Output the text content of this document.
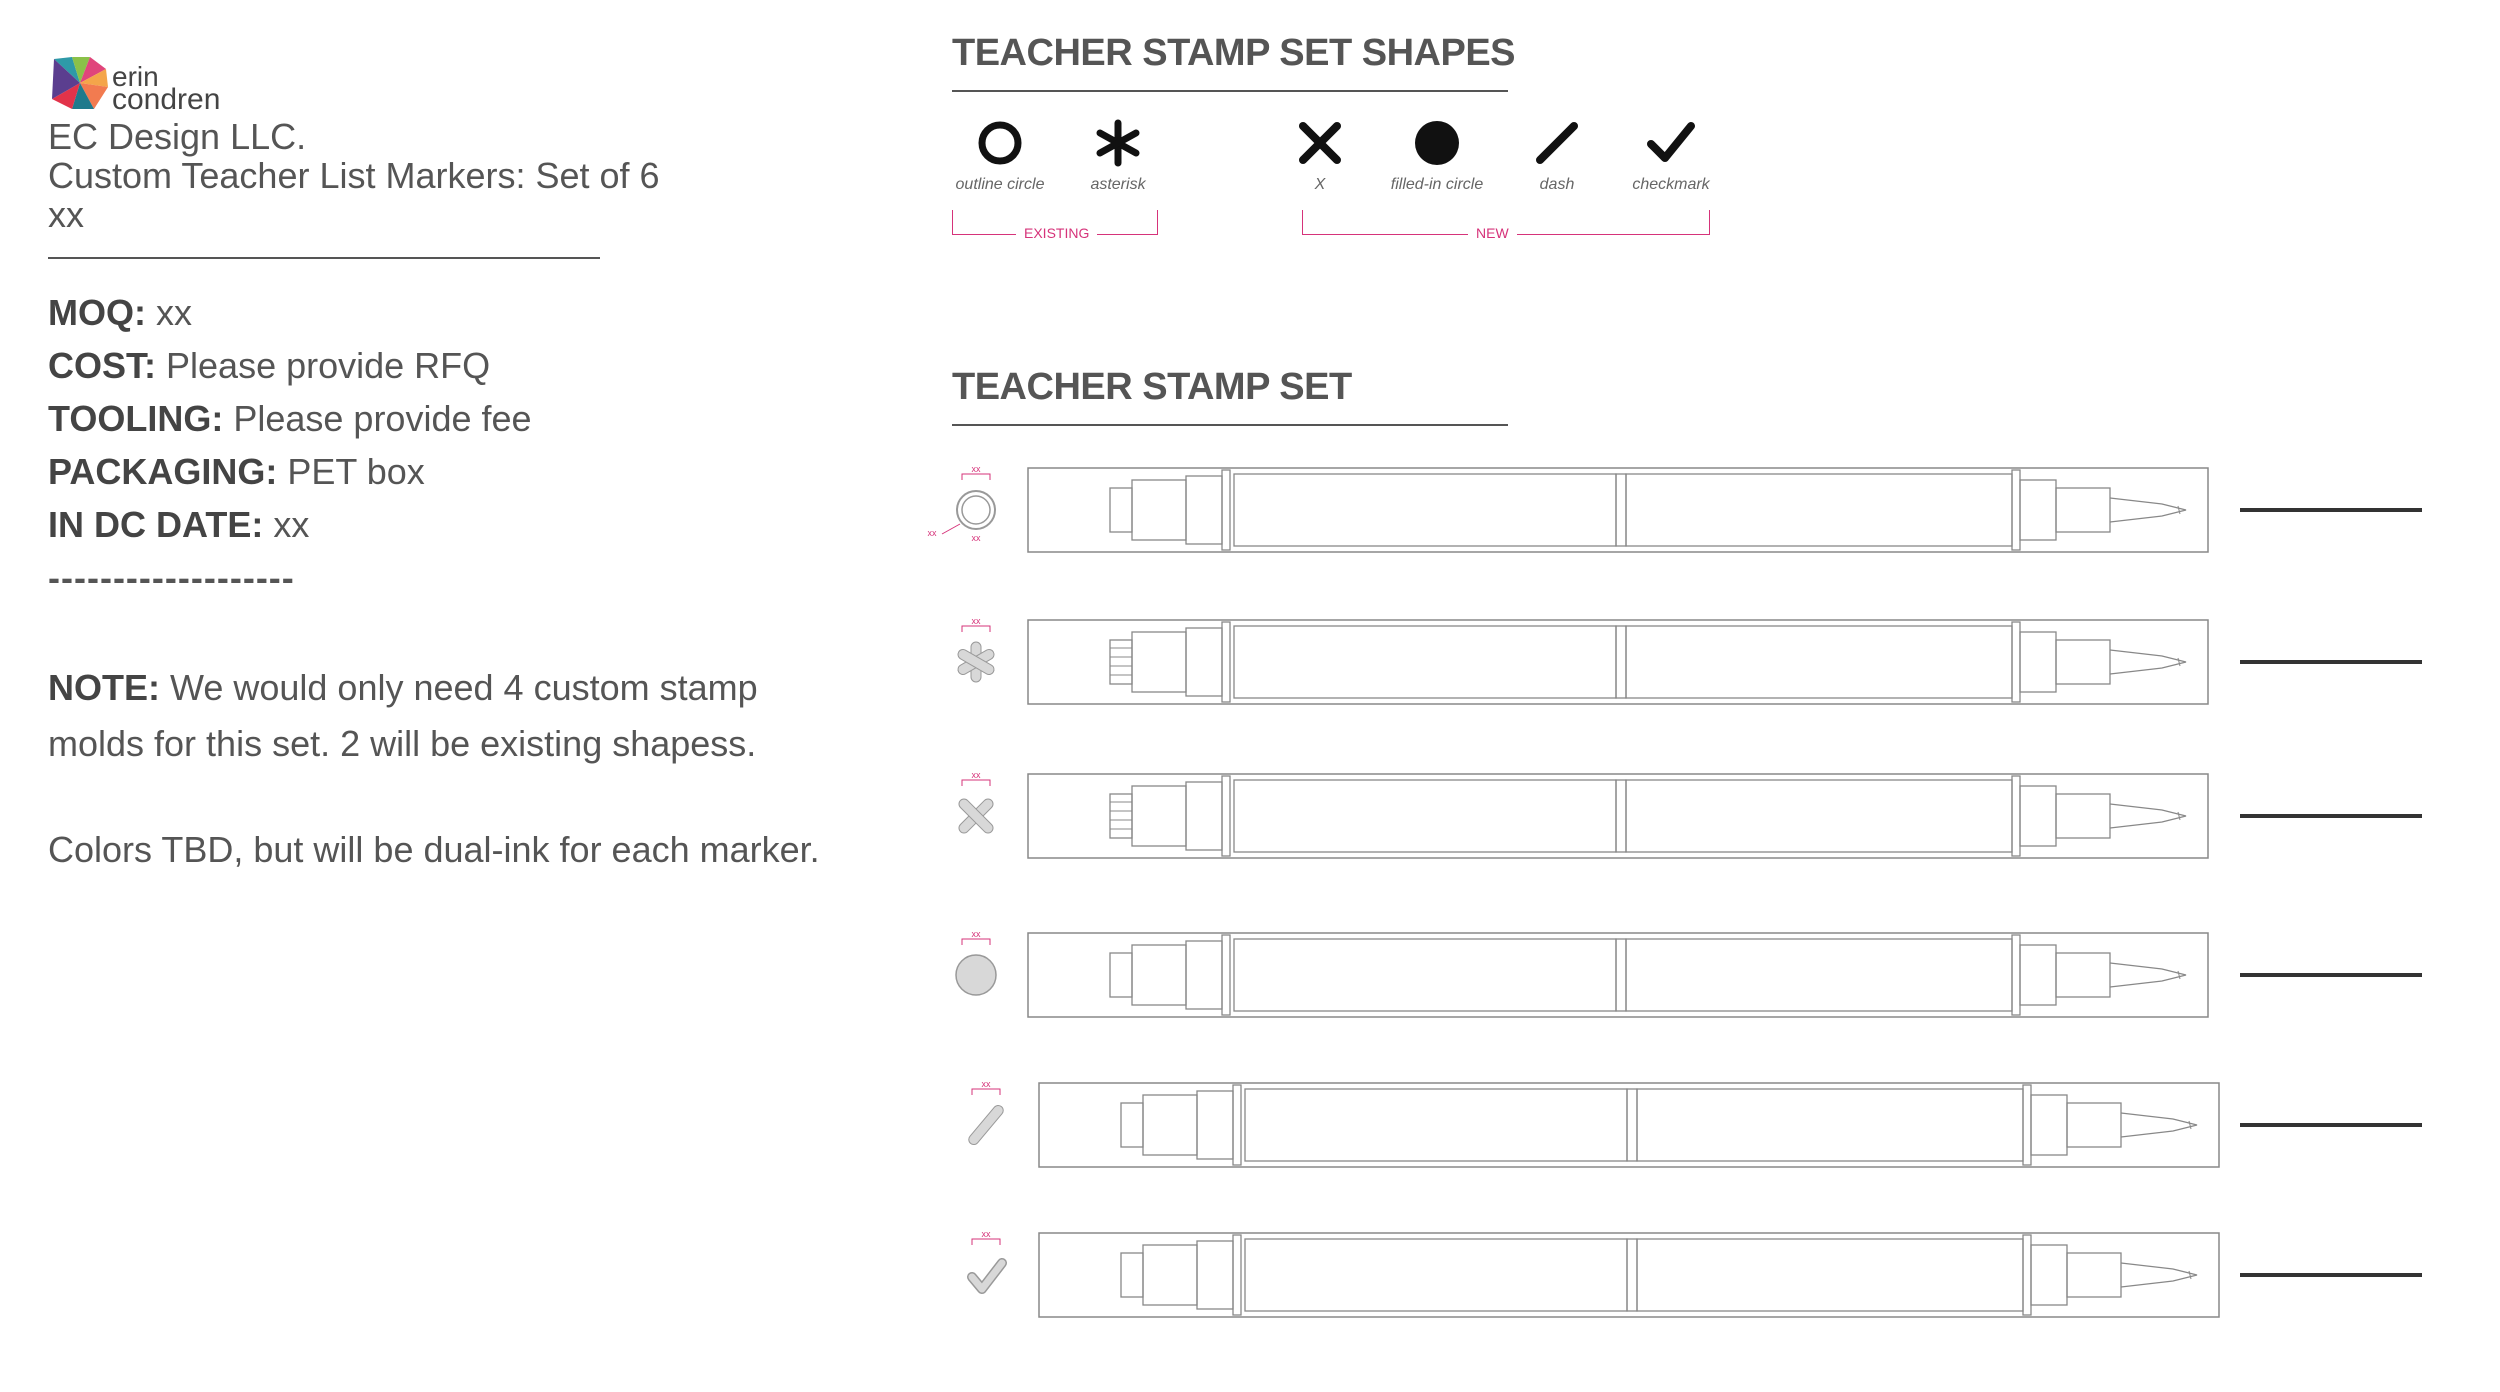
erin
condren
EC Design LLC.
Custom Teacher List Markers: Set of 6
xx
MOQ: xx
COST: Please provide RFQ
TOOLING: Please provide fee
PACKAGING: PET box
IN DC DATE: xx
-------------------
NOTE: We would only need 4 custom stamp
molds for this set. 2 will be existing shapess.
Colors TBD, but will be dual-ink for each marker.
TEACHER STAMP SET SHAPES
outline circle	asterisk	X	filled-in circle	dash	checkmark
EXISTING	NEW
TEACHER STAMP SET
xx
xx	xx
xx
xx
xx
xx
xx
